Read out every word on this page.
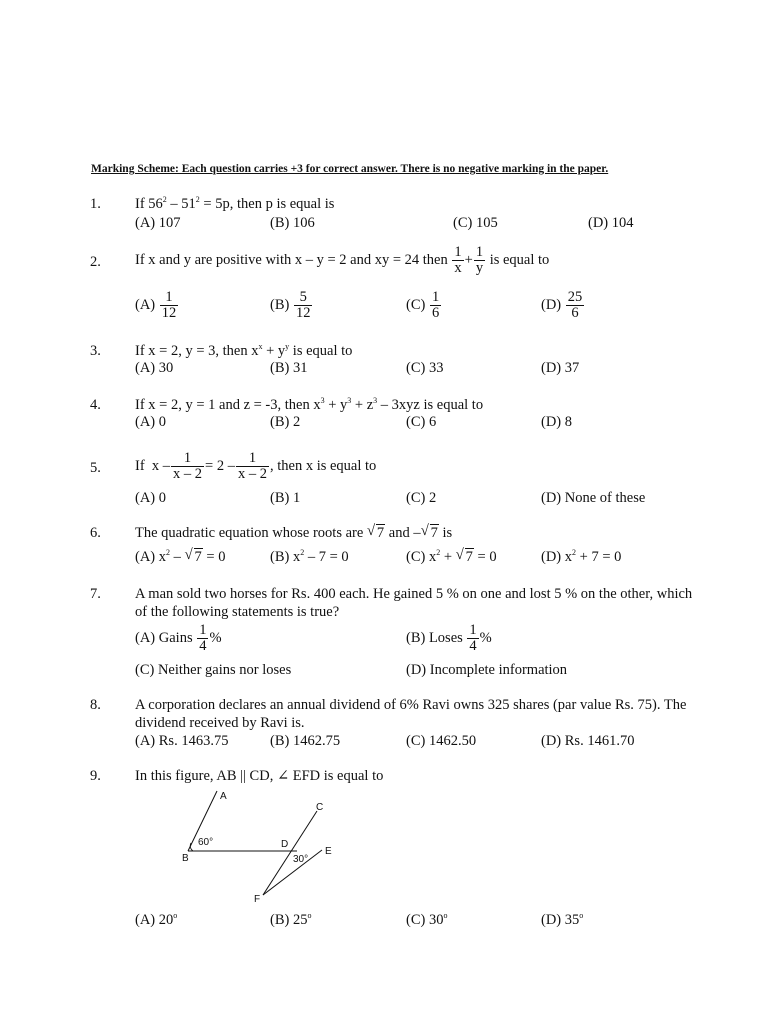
Marking Scheme: Each question carries +3 for correct answer. There is no negative marking in the paper.
1. If $56^2 - 51^2 = 5p$, then p is equal is
(A) 107	(B) 106	(C) 105	(D) 104
2. If x and y are positive with x – y = 2 and xy = 24 then $\frac{1}{x} + \frac{1}{y}$ is equal to
$(A) \frac{1}{12}$	$(B) \frac{5}{12}$	$(C) \frac{1}{6}$	$(D) \frac{25}{6}$
3. If x = 2, y = 3, then $x^x + y^y$ is equal to
(A) 30	(B) 31	(C) 33	(D) 37
4. If x = 2, y = 1 and z = -3, then $x^3 + y^3 + z^3 - 3xyz$ is equal to
(A) 0	(B) 2	(C) 6	(D) 8
5. If $x - \frac{1}{x - 2} = 2 - \frac{1}{x - 2}$ , then x is equal to
(A) 0	(B) 1	(C) 2	(D) None of these
6. The quadratic equation whose roots are √ 7 and – √ 7 is
(A) $x^2$ – √ 7 = 0	(B) $x^2 - 7 = 0$	(C) $x^2$ + √ 7 = 0	(D) $x^2 + 7 = 0$
7. A man sold two horses for Rs. 400 each. He gained 5 % on one and lost 5 % on the other, which
of the following statements is true?
(A) Gains $\frac{1}{4}$ %	(B) Loses $\frac{1}{4}$ %
(C) Neither gains nor loses	(D) Incomplete information
8. A corporation declares an annual dividend of 6% Ravi owns 325 shares (par value Rs. 75). The
dividend received by Ravi is.
(A) Rs. 1463.75	(B) 1462.75	(C) 1462.50	(D) Rs. 1461.70
9. In this figure, AB || CD, ∠ EFD is equal to
A
C
B
D
E
F
60°
30°
(A) 20$^o$	(B) 25$^o$	(C) 30$^o$	(D) 35$^o$
